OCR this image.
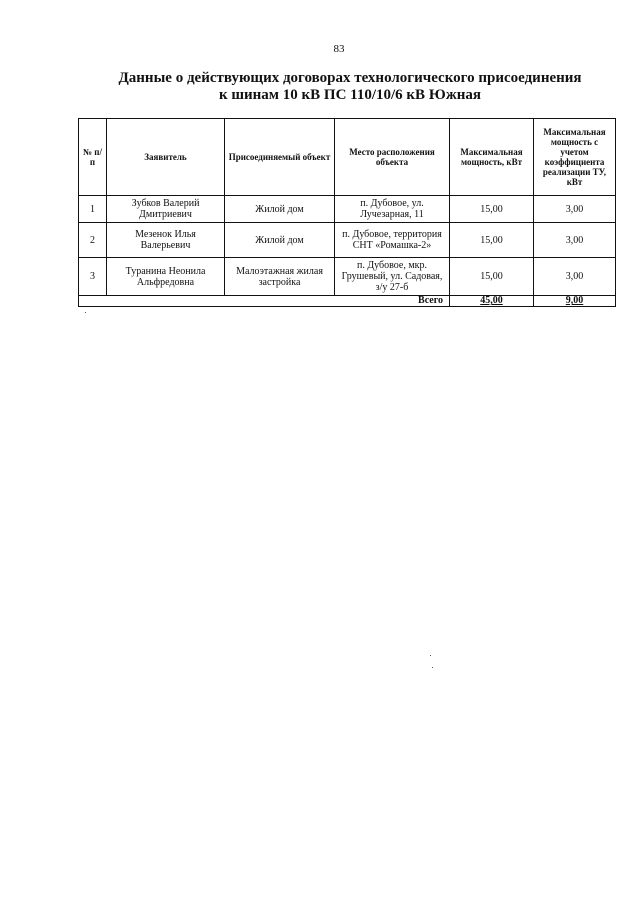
83
Данные о действующих договорах технологического присоединения
к шинам 10 кВ ПС 110/10/6 кВ Южная
№ п/п	Заявитель	Присоединяемый объект	Место расположения объекта	Максимальная мощность, кВт	Максимальная мощность с учетом коэффициента реализации ТУ, кВт
1	Зубков Валерий Дмитриевич	Жилой дом	п. Дубовое, ул. Лучезарная, 11	15,00	3,00
2	Мезенок Илья Валерьевич	Жилой дом	п. Дубовое, территория СНТ «Ромашка-2»	15,00	3,00
3	Туранина Неонила Альфредовна	Малоэтажная жилая застройка	п. Дубовое, мкр. Грушевый, ул. Садовая, з/у 27-б	15,00	3,00
Всего				45,00	9,00
